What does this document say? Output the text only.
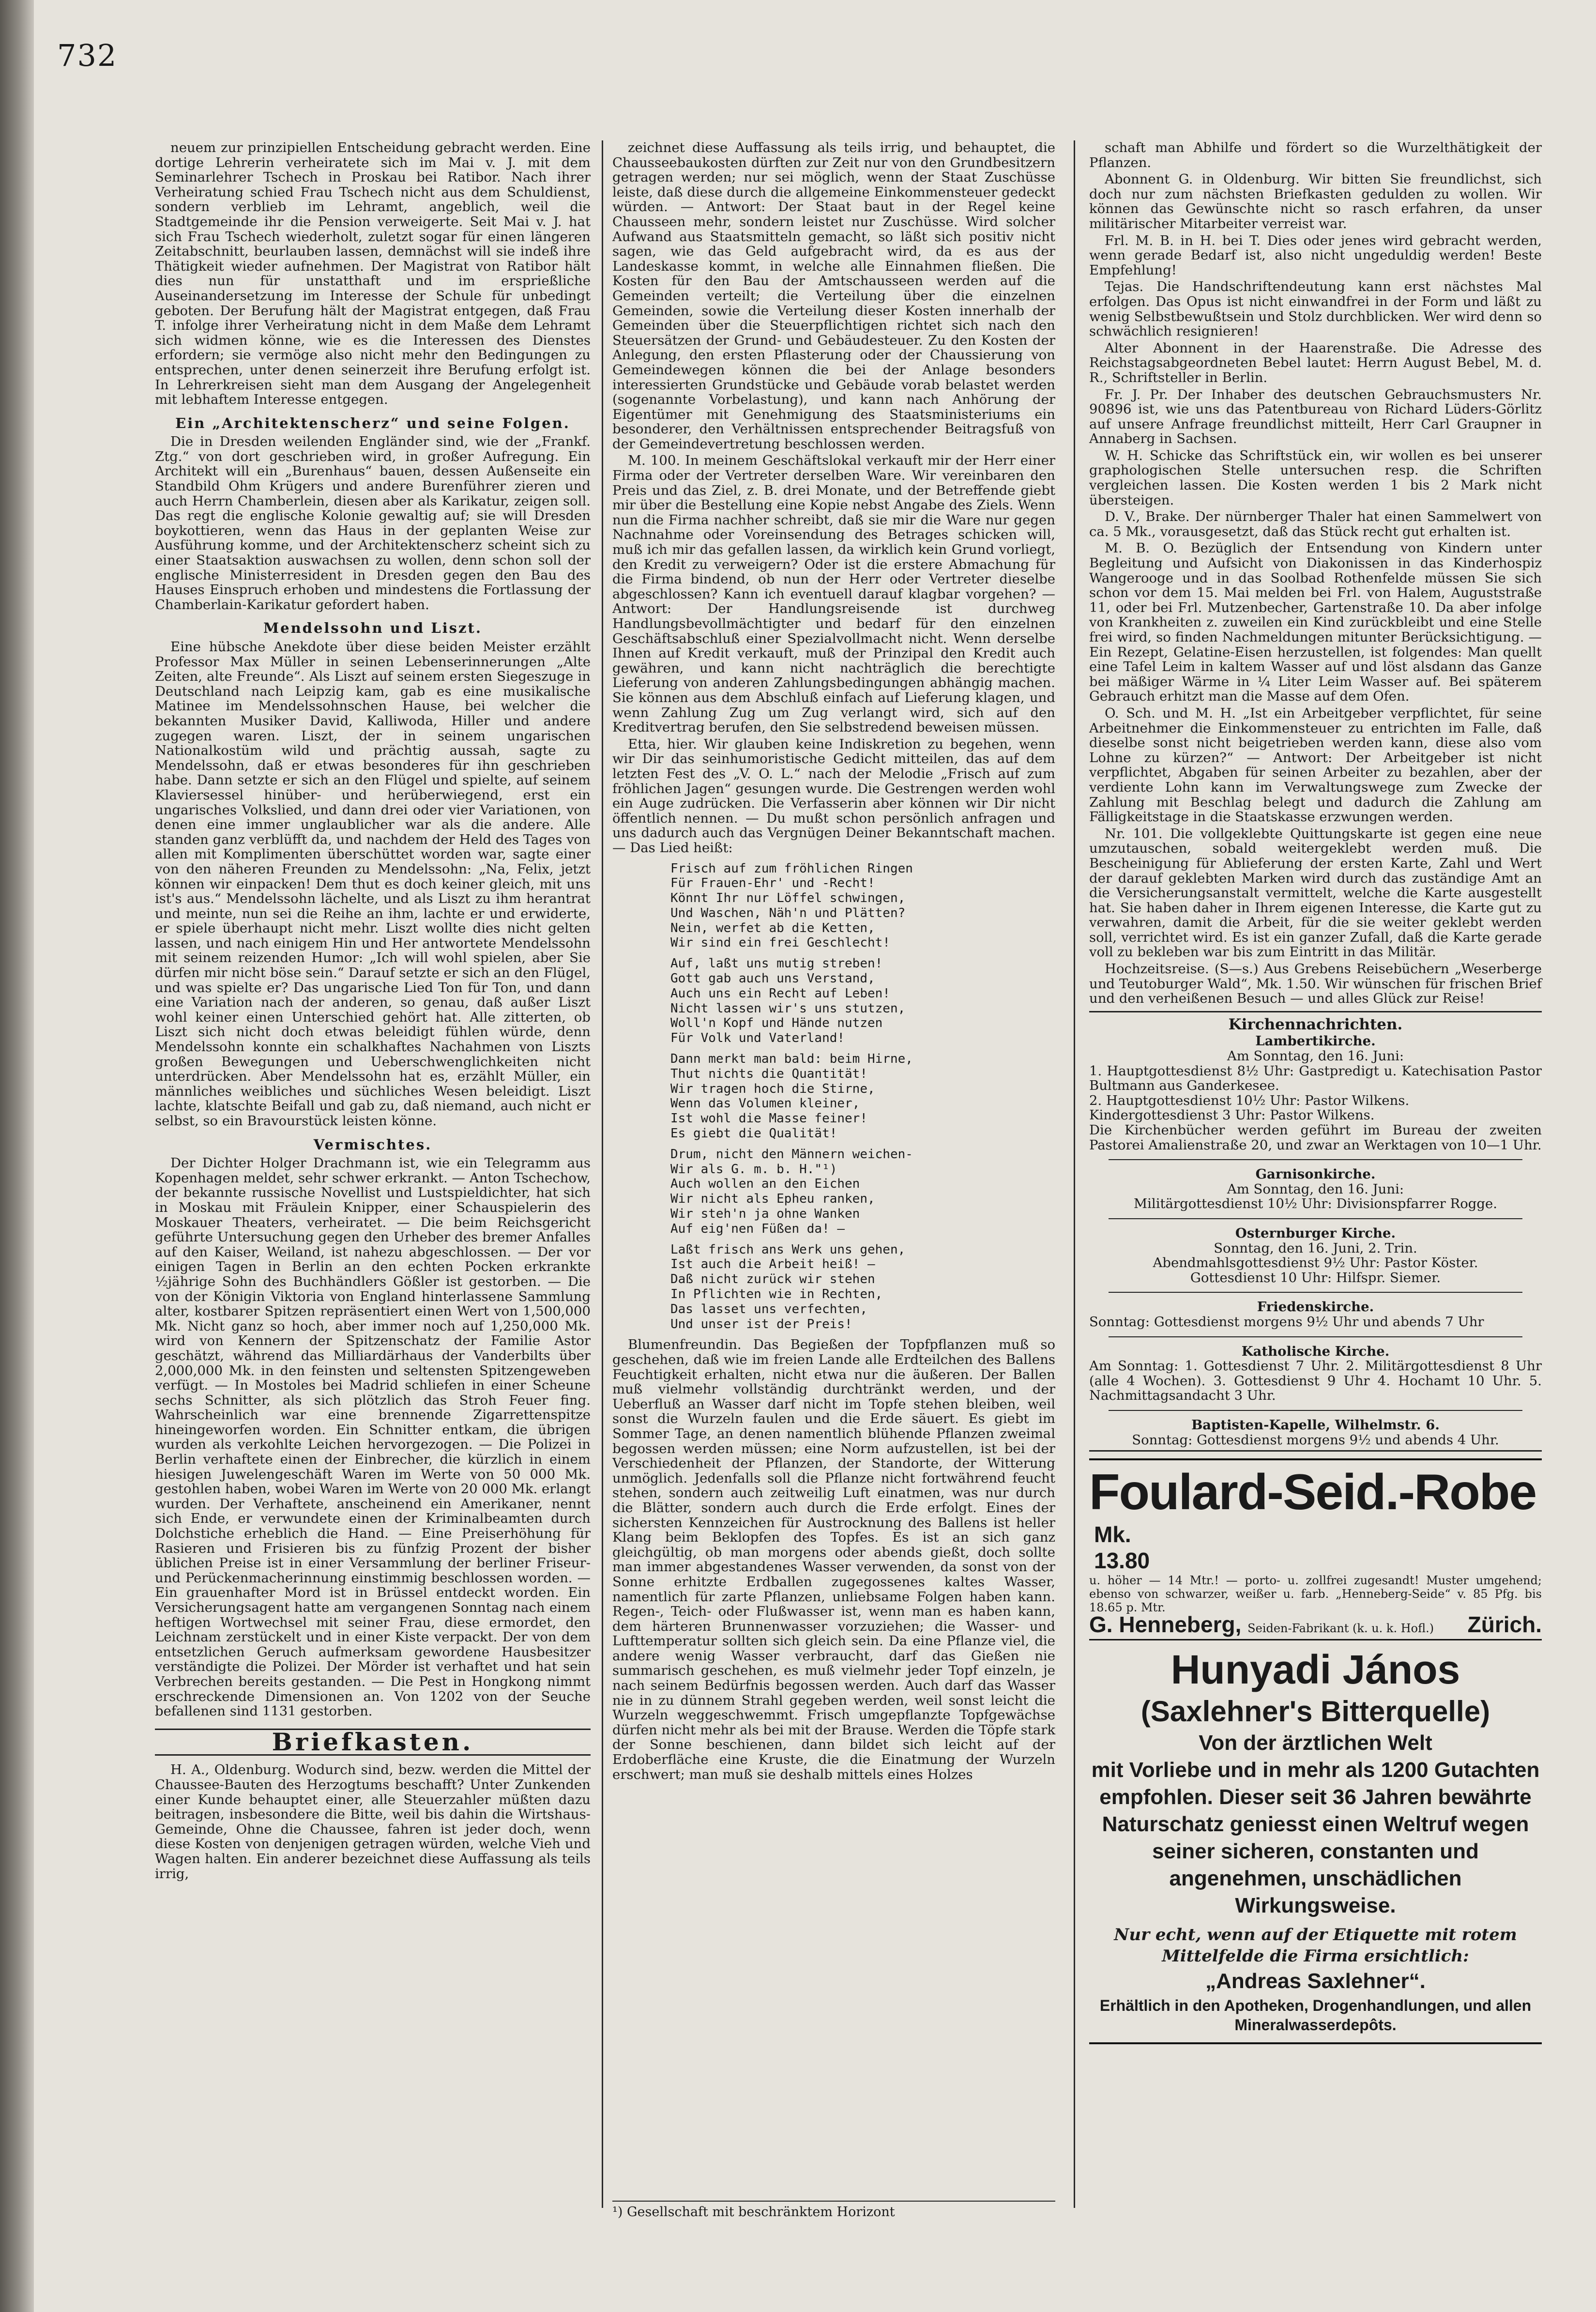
732

neuem zur prinzipiellen Entscheidung gebracht werden. Eine dortige Lehrerin verheiratete sich im Mai v. J. mit dem Seminarlehrer Tschech in Proskau bei Ratibor. Nach ihrer Verheiratung schied Frau Tschech nicht aus dem Schuldienst, sondern verblieb im Lehramt, angeblich, weil die Stadtgemeinde ihr die Pension verweigerte. Seit Mai v. J. hat sich Frau Tschech wiederholt, zuletzt sogar für einen längeren Zeitabschnitt, beurlauben lassen, demnächst will sie indeß ihre Thätigkeit wieder aufnehmen. Der Magistrat von Ratibor hält dies nun für unstatthaft und im ersprießliche Auseinandersetzung im Interesse der Schule für unbedingt geboten. Der Berufung hält der Magistrat entgegen, daß Frau T. infolge ihrer Verheiratung nicht in dem Maße dem Lehramt sich widmen könne, wie es die Interessen des Dienstes erfordern; sie vermöge also nicht mehr den Bedingungen zu entsprechen, unter denen seinerzeit ihre Berufung erfolgt ist. In Lehrerkreisen sieht man dem Ausgang der Angelegenheit mit lebhaftem Interesse entgegen.

Ein „Architektenscherz“ und seine Folgen.

Die in Dresden weilenden Engländer sind, wie der „Frankf. Ztg.“ von dort geschrieben wird, in großer Aufregung. Ein Architekt will ein „Burenhaus“ bauen, dessen Außenseite ein Standbild Ohm Krügers und andere Burenführer zieren und auch Herrn Chamberlein, diesen aber als Karikatur, zeigen soll. Das regt die englische Kolonie gewaltig auf; sie will Dresden boykottieren, wenn das Haus in der geplanten Weise zur Ausführung komme, und der Architektenscherz scheint sich zu einer Staatsaktion auswachsen zu wollen, denn schon soll der englische Ministerresident in Dresden gegen den Bau des Hauses Einspruch erhoben und mindestens die Fortlassung der Chamberlain-Karikatur gefordert haben.

Mendelssohn und Liszt.

Eine hübsche Anekdote über diese beiden Meister erzählt Professor Max Müller in seinen Lebenserinnerungen „Alte Zeiten, alte Freunde“. Als Liszt auf seinem ersten Siegeszuge in Deutschland nach Leipzig kam, gab es eine musikalische Matinee im Mendelssohnschen Hause, bei welcher die bekannten Musiker David, Kalliwoda, Hiller und andere zugegen waren. Liszt, der in seinem ungarischen Nationalkostüm wild und prächtig aussah, sagte zu Mendelssohn, daß er etwas besonderes für ihn geschrieben habe. Dann setzte er sich an den Flügel und spielte, auf seinem Klaviersessel hinüber- und herüberwiegend, erst ein ungarisches Volkslied, und dann drei oder vier Variationen, von denen eine immer unglaublicher war als die andere. Alle standen ganz verblüfft da, und nachdem der Held des Tages von allen mit Komplimenten überschüttet worden war, sagte einer von den näheren Freunden zu Mendelssohn: „Na, Felix, jetzt können wir einpacken! Dem thut es doch keiner gleich, mit uns ist's aus.“ Mendelssohn lächelte, und als Liszt zu ihm herantrat und meinte, nun sei die Reihe an ihm, lachte er und erwiderte, er spiele überhaupt nicht mehr. Liszt wollte dies nicht gelten lassen, und nach einigem Hin und Her antwortete Mendelssohn mit seinem reizenden Humor: „Ich will wohl spielen, aber Sie dürfen mir nicht böse sein.“ Darauf setzte er sich an den Flügel, und was spielte er? Das ungarische Lied Ton für Ton, und dann eine Variation nach der anderen, so genau, daß außer Liszt wohl keiner einen Unterschied gehört hat. Alle zitterten, ob Liszt sich nicht doch etwas beleidigt fühlen würde, denn Mendelssohn konnte ein schalkhaftes Nachahmen von Liszts großen Bewegungen und Ueberschwenglichkeiten nicht unterdrücken. Aber Mendelssohn hat es, erzählt Müller, ein männliches weibliches und süchliches Wesen beleidigt. Liszt lachte, klatschte Beifall und gab zu, daß niemand, auch nicht er selbst, so ein Bravourstück leisten könne.

Vermischtes.

Der Dichter Holger Drachmann ist, wie ein Telegramm aus Kopenhagen meldet, sehr schwer erkrankt. — Anton Tschechow, der bekannte russische Novellist und Lustspieldichter, hat sich in Moskau mit Fräulein Knipper, einer Schauspielerin des Moskauer Theaters, verheiratet. — Die beim Reichsgericht geführte Untersuchung gegen den Urheber des bremer Anfalles auf den Kaiser, Weiland, ist nahezu abgeschlossen. — Der vor einigen Tagen in Berlin an den echten Pocken erkrankte ½jährige Sohn des Buchhändlers Gößler ist gestorben. — Die von der Königin Viktoria von England hinterlassene Sammlung alter, kostbarer Spitzen repräsentiert einen Wert von 1,500,000 Mk. Nicht ganz so hoch, aber immer noch auf 1,250,000 Mk. wird von Kennern der Spitzenschatz der Familie Astor geschätzt, während das Milliardärhaus der Vanderbilts über 2,000,000 Mk. in den feinsten und seltensten Spitzengeweben verfügt. — In Mostoles bei Madrid schliefen in einer Scheune sechs Schnitter, als sich plötzlich das Stroh Feuer fing. Wahrscheinlich war eine brennende Zigarrettenspitze hineingeworfen worden. Ein Schnitter entkam, die übrigen wurden als verkohlte Leichen hervorgezogen. — Die Polizei in Berlin verhaftete einen der Einbrecher, die kürzlich in einem hiesigen Juwelengeschäft Waren im Werte von 50 000 Mk. gestohlen haben, wobei Waren im Werte von 20 000 Mk. erlangt wurden. Der Verhaftete, anscheinend ein Amerikaner, nennt sich Ende, er verwundete einen der Kriminalbeamten durch Dolchstiche erheblich die Hand. — Eine Preiserhöhung für Rasieren und Frisieren bis zu fünfzig Prozent der bisher üblichen Preise ist in einer Versammlung der berliner Friseur- und Perückenmacherinnung einstimmig beschlossen worden. — Ein grauenhafter Mord ist in Brüssel entdeckt worden. Ein Versicherungsagent hatte am vergangenen Sonntag nach einem heftigen Wortwechsel mit seiner Frau, diese ermordet, den Leichnam zerstückelt und in einer Kiste verpackt. Der von dem entsetzlichen Geruch aufmerksam gewordene Hausbesitzer verständigte die Polizei. Der Mörder ist verhaftet und hat sein Verbrechen bereits gestanden. — Die Pest in Hongkong nimmt erschreckende Dimensionen an. Von 1202 von der Seuche befallenen sind 1131 gestorben.

Briefkasten.

H. A., Oldenburg. Wodurch sind, bezw. werden die Mittel der Chaussee-Bauten des Herzogtums beschafft? Unter Zunkenden einer Kunde behauptet einer, alle Steuerzahler müßten dazu beitragen, insbesondere die Bitte, weil bis dahin die Wirtshaus-Gemeinde, Ohne die Chaussee, fahren ist jeder doch, wenn diese Kosten von denjenigen getragen würden, welche Vieh und Wagen halten. Ein anderer bezeichnet diese Auffassung als teils irrig,

zeichnet diese Auffassung als teils irrig, und behauptet, die Chausseebaukosten dürften zur Zeit nur von den Grundbesitzern getragen werden; nur sei möglich, wenn der Staat Zuschüsse leiste, daß diese durch die allgemeine Einkommensteuer gedeckt würden. — Antwort: Der Staat baut in der Regel keine Chausseen mehr, sondern leistet nur Zuschüsse. Wird solcher Aufwand aus Staatsmitteln gemacht, so läßt sich positiv nicht sagen, wie das Geld aufgebracht wird, da es aus der Landeskasse kommt, in welche alle Einnahmen fließen. Die Kosten für den Bau der Amtschausseen werden auf die Gemeinden verteilt; die Verteilung über die einzelnen Gemeinden, sowie die Verteilung dieser Kosten innerhalb der Gemeinden über die Steuerpflichtigen richtet sich nach den Steuersätzen der Grund- und Gebäudesteuer. Zu den Kosten der Anlegung, den ersten Pflasterung oder der Chaussierung von Gemeindewegen können die bei der Anlage besonders interessierten Grundstücke und Gebäude vorab belastet werden (sogenannte Vorbelastung), und kann nach Anhörung der Eigentümer mit Genehmigung des Staatsministeriums ein besonderer, den Verhältnissen entsprechender Beitragsfuß von der Gemeindevertretung beschlossen werden.

M. 100. In meinem Geschäftslokal verkauft mir der Herr einer Firma oder der Vertreter derselben Ware. Wir vereinbaren den Preis und das Ziel, z. B. drei Monate, und der Betreffende giebt mir über die Bestellung eine Kopie nebst Angabe des Ziels. Wenn nun die Firma nachher schreibt, daß sie mir die Ware nur gegen Nachnahme oder Voreinsendung des Betrages schicken will, muß ich mir das gefallen lassen, da wirklich kein Grund vorliegt, den Kredit zu verweigern? Oder ist die erstere Abmachung für die Firma bindend, ob nun der Herr oder Vertreter dieselbe abgeschlossen? Kann ich eventuell darauf klagbar vorgehen? — Antwort: Der Handlungsreisende ist durchweg Handlungsbevollmächtigter und bedarf für den einzelnen Geschäftsabschluß einer Spezialvollmacht nicht. Wenn derselbe Ihnen auf Kredit verkauft, muß der Prinzipal den Kredit auch gewähren, und kann nicht nachträglich die berechtigte Lieferung von anderen Zahlungsbedingungen abhängig machen. Sie können aus dem Abschluß einfach auf Lieferung klagen, und wenn Zahlung Zug um Zug verlangt wird, sich auf den Kreditvertrag berufen, den Sie selbstredend beweisen müssen.

Etta, hier. Wir glauben keine Indiskretion zu begehen, wenn wir Dir das seinhumoristische Gedicht mitteilen, das auf dem letzten Fest des „V. O. L.“ nach der Melodie „Frisch auf zum fröhlichen Jagen“ gesungen wurde. Die Gestrengen werden wohl ein Auge zudrücken. Die Verfasserin aber können wir Dir nicht öffentlich nennen. — Du mußt schon persönlich anfragen und uns dadurch auch das Vergnügen Deiner Bekanntschaft machen. — Das Lied heißt:

Frisch auf zum fröhlichen Ringen
Für Frauen-Ehr' und -Recht!
Könnt Ihr nur Löffel schwingen,
Und Waschen, Näh'n und Plätten?
Nein, werfet ab die Ketten,
Wir sind ein frei Geschlecht!
Auf, laßt uns mutig streben!
Gott gab auch uns Verstand,
Auch uns ein Recht auf Leben!
Nicht lassen wir's uns stutzen,
Woll'n Kopf und Hände nutzen
Für Volk und Vaterland!
Dann merkt man bald: beim Hirne,
Thut nichts die Quantität!
Wir tragen hoch die Stirne,
Wenn das Volumen kleiner,
Ist wohl die Masse feiner!
Es giebt die Qualität!
Drum, nicht den Männern weichen-
Wir als G. m. b. H."¹)
Auch wollen an den Eichen
Wir nicht als Epheu ranken,
Wir steh'n ja ohne Wanken
Auf eig'nen Füßen da! —
Laßt frisch ans Werk uns gehen,
Ist auch die Arbeit heiß! —
Daß nicht zurück wir stehen
In Pflichten wie in Rechten,
Das lasset uns verfechten,
Und unser ist der Preis!

Blumenfreundin. Das Begießen der Topfpflanzen muß so geschehen, daß wie im freien Lande alle Erdteilchen des Ballens Feuchtigkeit erhalten, nicht etwa nur die äußeren. Der Ballen muß vielmehr vollständig durchtränkt werden, und der Ueberfluß an Wasser darf nicht im Topfe stehen bleiben, weil sonst die Wurzeln faulen und die Erde säuert. Es giebt im Sommer Tage, an denen namentlich blühende Pflanzen zweimal begossen werden müssen; eine Norm aufzustellen, ist bei der Verschiedenheit der Pflanzen, der Standorte, der Witterung unmöglich. Jedenfalls soll die Pflanze nicht fortwährend feucht stehen, sondern auch zeitweilig Luft einatmen, was nur durch die Blätter, sondern auch durch die Erde erfolgt. Eines der sichersten Kennzeichen für Austrocknung des Ballens ist heller Klang beim Beklopfen des Topfes. Es ist an sich ganz gleichgültig, ob man morgens oder abends gießt, doch sollte man immer abgestandenes Wasser verwenden, da sonst von der Sonne erhitzte Erdballen zugegossenes kaltes Wasser, namentlich für zarte Pflanzen, unliebsame Folgen haben kann. Regen-, Teich- oder Flußwasser ist, wenn man es haben kann, dem härteren Brunnenwasser vorzuziehen; die Wasser- und Lufttemperatur sollten sich gleich sein. Da eine Pflanze viel, die andere wenig Wasser verbraucht, darf das Gießen nie summarisch geschehen, es muß vielmehr jeder Topf einzeln, je nach seinem Bedürfnis begossen werden. Auch darf das Wasser nie in zu dünnem Strahl gegeben werden, weil sonst leicht die Wurzeln weggeschwemmt. Frisch umgepflanzte Topfgewächse dürfen nicht mehr als bei mit der Brause. Werden die Töpfe stark der Sonne beschienen, dann bildet sich leicht auf der Erdoberfläche eine Kruste, die die Einatmung der Wurzeln erschwert; man muß sie deshalb mittels eines Holzes

¹) Gesellschaft mit beschränktem Horizont

schaft man Abhilfe und fördert so die Wurzelthätigkeit der Pflanzen.

Abonnent G. in Oldenburg. Wir bitten Sie freundlichst, sich doch nur zum nächsten Briefkasten gedulden zu wollen. Wir können das Gewünschte nicht so rasch erfahren, da unser militärischer Mitarbeiter verreist war.

Frl. M. B. in H. bei T. Dies oder jenes wird gebracht werden, wenn gerade Bedarf ist, also nicht ungeduldig werden! Beste Empfehlung!

Tejas. Die Handschriftendeutung kann erst nächstes Mal erfolgen. Das Opus ist nicht einwandfrei in der Form und läßt zu wenig Selbstbewußtsein und Stolz durchblicken. Wer wird denn so schwächlich resignieren!

Alter Abonnent in der Haarenstraße. Die Adresse des Reichstagsabgeordneten Bebel lautet: Herrn August Bebel, M. d. R., Schriftsteller in Berlin.

Fr. J. Pr. Der Inhaber des deutschen Gebrauchsmusters Nr. 90896 ist, wie uns das Patentbureau von Richard Lüders-Görlitz auf unsere Anfrage freundlichst mitteilt, Herr Carl Graupner in Annaberg in Sachsen.

W. H. Schicke das Schriftstück ein, wir wollen es bei unserer graphologischen Stelle untersuchen resp. die Schriften vergleichen lassen. Die Kosten werden 1 bis 2 Mark nicht übersteigen.

D. V., Brake. Der nürnberger Thaler hat einen Sammelwert von ca. 5 Mk., vorausgesetzt, daß das Stück recht gut erhalten ist.

M. B. O. Bezüglich der Entsendung von Kindern unter Begleitung und Aufsicht von Diakonissen in das Kinderhospiz Wangerooge und in das Soolbad Rothenfelde müssen Sie sich schon vor dem 15. Mai melden bei Frl. von Halem, Auguststraße 11, oder bei Frl. Mutzenbecher, Gartenstraße 10. Da aber infolge von Krankheiten z. zuweilen ein Kind zurückbleibt und eine Stelle frei wird, so finden Nachmeldungen mitunter Berücksichtigung. — Ein Rezept, Gelatine-Eisen herzustellen, ist folgendes: Man quellt eine Tafel Leim in kaltem Wasser auf und löst alsdann das Ganze bei mäßiger Wärme in ¼ Liter Leim Wasser auf. Bei späterem Gebrauch erhitzt man die Masse auf dem Ofen.

O. Sch. und M. H. „Ist ein Arbeitgeber verpflichtet, für seine Arbeitnehmer die Einkommensteuer zu entrichten im Falle, daß dieselbe sonst nicht beigetrieben werden kann, diese also vom Lohne zu kürzen?“ — Antwort: Der Arbeitgeber ist nicht verpflichtet, Abgaben für seinen Arbeiter zu bezahlen, aber der verdiente Lohn kann im Verwaltungswege zum Zwecke der Zahlung mit Beschlag belegt und dadurch die Zahlung am Fälligkeitstage in die Staatskasse erzwungen werden.

Nr. 101. Die vollgeklebte Quittungskarte ist gegen eine neue umzutauschen, sobald weitergeklebt werden muß. Die Bescheinigung für Ablieferung der ersten Karte, Zahl und Wert der darauf geklebten Marken wird durch das zuständige Amt an die Versicherungsanstalt vermittelt, welche die Karte ausgestellt hat. Sie haben daher in Ihrem eigenen Interesse, die Karte gut zu verwahren, damit die Arbeit, für die sie weiter geklebt werden soll, verrichtet wird. Es ist ein ganzer Zufall, daß die Karte gerade voll zu bekleben war bis zum Eintritt in das Militär.

Hochzeitsreise. (S—s.) Aus Grebens Reisebüchern „Weserberge und Teutoburger Wald“, Mk. 1.50. Wir wünschen für frischen Brief und den verheißenen Besuch — und alles Glück zur Reise!

Kirchennachrichten.
Lambertikirche.
Am Sonntag, den 16. Juni:
1. Hauptgottesdienst 8½ Uhr: Gastpredigt u. Katechisation Pastor Bultmann aus Ganderkesee.
2. Hauptgottesdienst 10½ Uhr: Pastor Wilkens.
Kindergottesdienst 3 Uhr: Pastor Wilkens.
Die Kirchenbücher werden geführt im Bureau der zweiten Pastorei Amalienstraße 20, und zwar an Werktagen von 10—1 Uhr.
Garnisonkirche.
Am Sonntag, den 16. Juni:
Militärgottesdienst 10½ Uhr: Divisionspfarrer Rogge.
Osternburger Kirche.
Sonntag, den 16. Juni, 2. Trin.
Abendmahlsgottesdienst 9½ Uhr: Pastor Köster.
Gottesdienst 10 Uhr: Hilfspr. Siemer.
Friedenskirche.
Sonntag: Gottesdienst morgens 9½ Uhr und abends 7 Uhr
Katholische Kirche.
Am Sonntag: 1. Gottesdienst 7 Uhr. 2. Militärgottesdienst 8 Uhr (alle 4 Wochen). 3. Gottesdienst 9 Uhr 4. Hochamt 10 Uhr. 5. Nachmittagsandacht 3 Uhr.
Baptisten-Kapelle, Wilhelmstr. 6.
Sonntag: Gottesdienst morgens 9½ und abends 4 Uhr.
Foulard-Seid.-Robe Mk.
13.80

u. höher — 14 Mtr.! — porto- u. zollfrei zugesandt! Muster umgehend; ebenso von schwarzer, weißer u. farb. „Henneberg-Seide“ v. 85 Pfg. bis 18.65 p. Mtr.

G. Henneberg, Seiden-Fabrikant (k. u. k. Hofl.) Zürich.
Hunyadi János
(Saxlehner's Bitterquelle)
Von der ärztlichen Welt
mit Vorliebe und in mehr als 1200 Gutachten empfohlen. Dieser seit 36 Jahren bewährte Naturschatz geniesst einen Weltruf wegen seiner sicheren, constanten und angenehmen, unschädlichen Wirkungsweise.
Nur echt, wenn auf der Etiquette mit rotem Mittelfelde die Firma ersichtlich:
„Andreas Saxlehner“.
Erhältlich in den Apotheken, Drogenhandlungen, und allen Mineralwasserdepôts.
